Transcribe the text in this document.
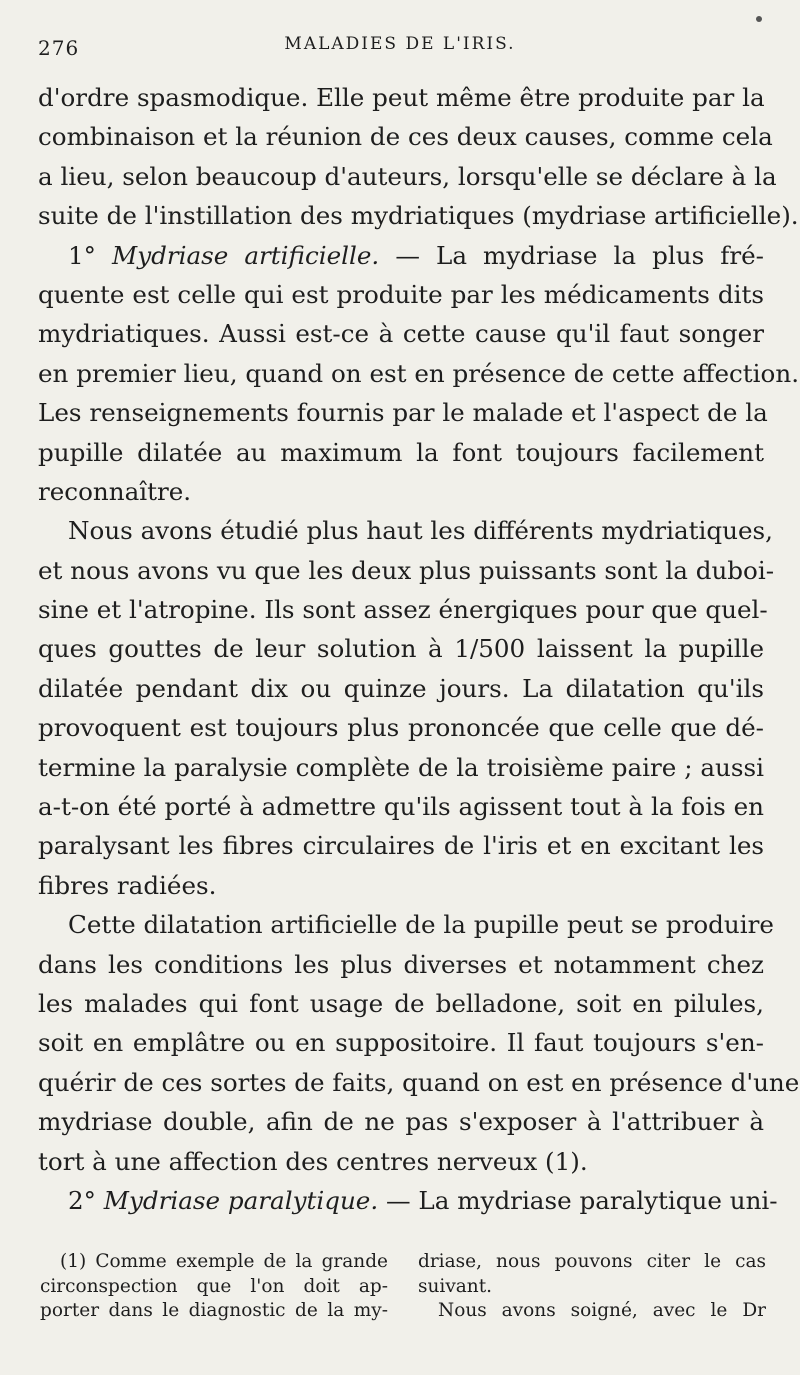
276	MALADIES DE L'IRIS.
d'ordre spasmodique. Elle peut même être produite par la
combinaison et la réunion de ces deux causes, comme cela
a lieu, selon beaucoup d'auteurs, lorsqu'elle se déclare à la
suite de l'instillation des mydriatiques (mydriase artificielle).
1° Mydriase artificielle. — La mydriase la plus fré-
quente est celle qui est produite par les médicaments dits
mydriatiques. Aussi est-ce à cette cause qu'il faut songer
en premier lieu, quand on est en présence de cette affection.
Les renseignements fournis par le malade et l'aspect de la
pupille dilatée au maximum la font toujours facilement
reconnaître.
Nous avons étudié plus haut les différents mydriatiques,
et nous avons vu que les deux plus puissants sont la duboi-
sine et l'atropine. Ils sont assez énergiques pour que quel-
ques gouttes de leur solution à 1/500 laissent la pupille
dilatée pendant dix ou quinze jours. La dilatation qu'ils
provoquent est toujours plus prononcée que celle que dé-
termine la paralysie complète de la troisième paire ; aussi
a-t-on été porté à admettre qu'ils agissent tout à la fois en
paralysant les fibres circulaires de l'iris et en excitant les
fibres radiées.
Cette dilatation artificielle de la pupille peut se produire
dans les conditions les plus diverses et notamment chez
les malades qui font usage de belladone, soit en pilules,
soit en emplâtre ou en suppositoire. Il faut toujours s'en-
quérir de ces sortes de faits, quand on est en présence d'une
mydriase double, afin de ne pas s'exposer à l'attribuer à
tort à une affection des centres nerveux (1).
2° Mydriase paralytique. — La mydriase paralytique uni-
(1) Comme exemple de la grande
circonspection que l'on doit ap-
porter dans le diagnostic de la my-
driase, nous pouvons citer le cas
suivant.
Nous avons soigné, avec le Dr
